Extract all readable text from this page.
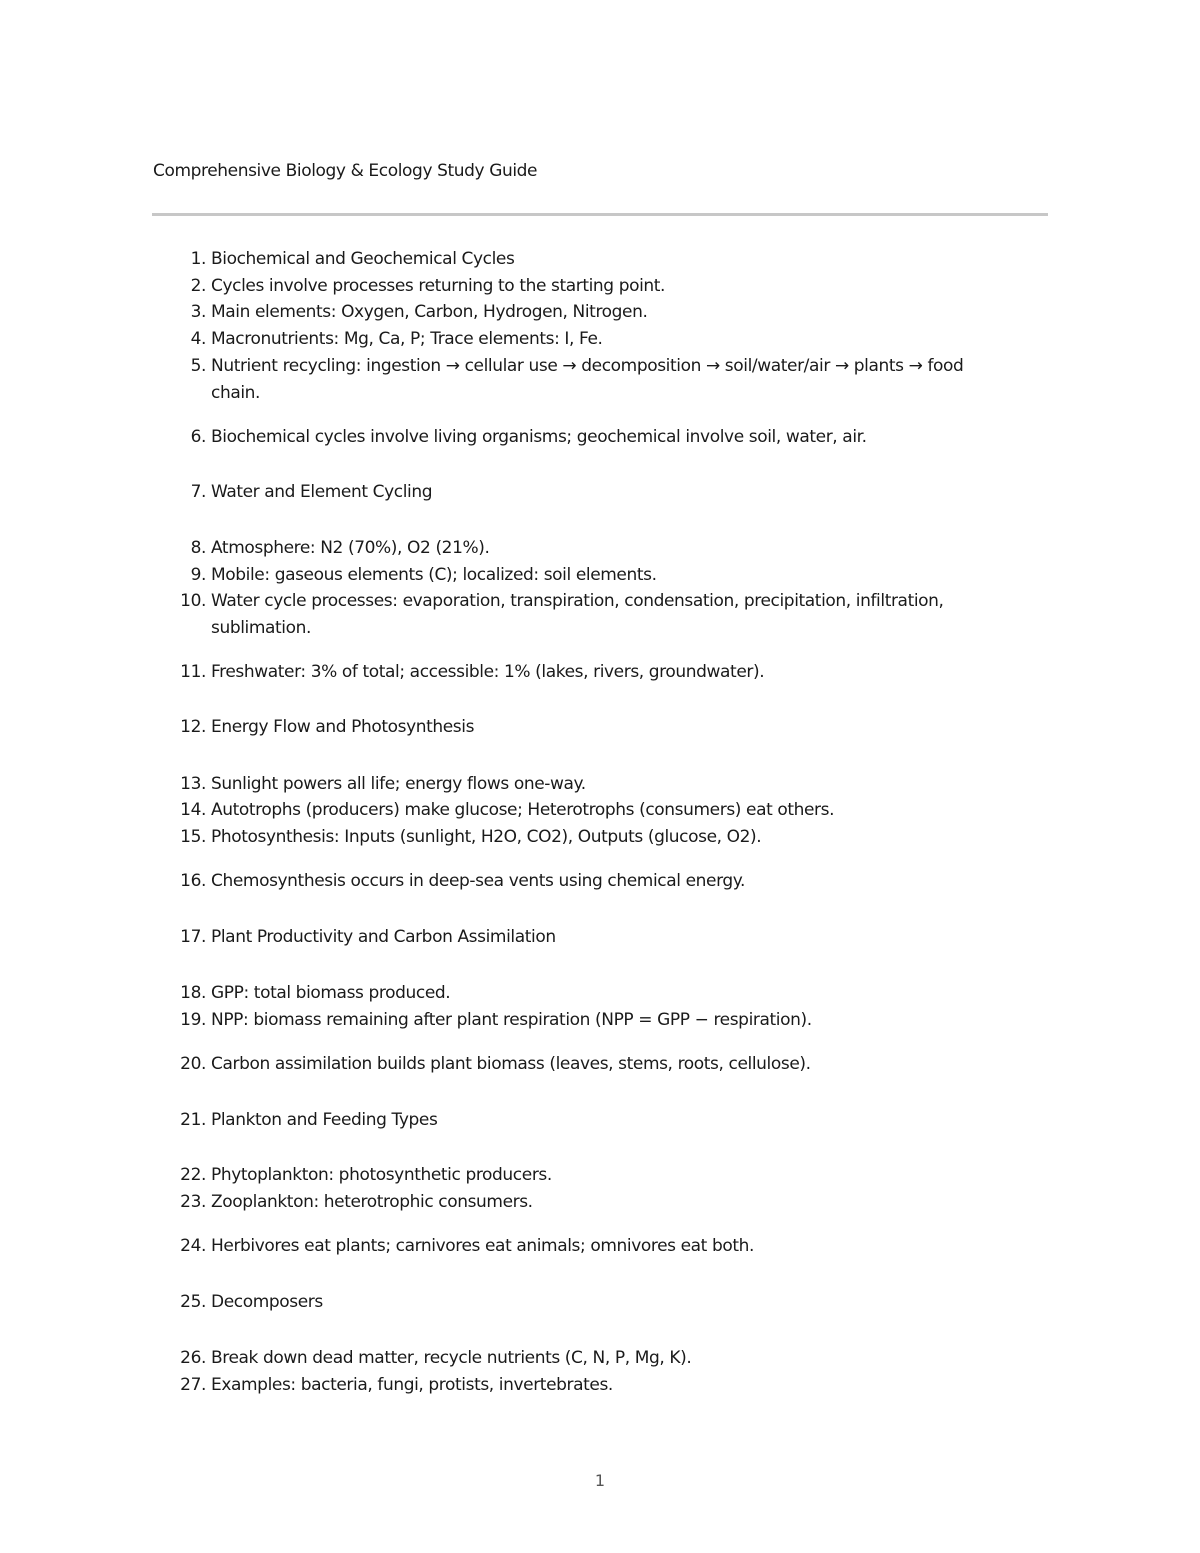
Comprehensive Biology & Ecology Study Guide
1. Biochemical and Geochemical Cycles
2. Cycles involve processes returning to the starting point.
3. Main elements: Oxygen, Carbon, Hydrogen, Nitrogen.
4. Macronutrients: Mg, Ca, P; Trace elements: I, Fe.
5. Nutrient recycling: ingestion → cellular use → decomposition → soil/water/air → plants → food chain.
6. Biochemical cycles involve living organisms; geochemical involve soil, water, air.
7. Water and Element Cycling
8. Atmosphere: N2 (70%), O2 (21%).
9. Mobile: gaseous elements (C); localized: soil elements.
10. Water cycle processes: evaporation, transpiration, condensation, precipitation, infiltration, sublimation.
11. Freshwater: 3% of total; accessible: 1% (lakes, rivers, groundwater).
12. Energy Flow and Photosynthesis
13. Sunlight powers all life; energy flows one-way.
14. Autotrophs (producers) make glucose; Heterotrophs (consumers) eat others.
15. Photosynthesis: Inputs (sunlight, H2O, CO2), Outputs (glucose, O2).
16. Chemosynthesis occurs in deep-sea vents using chemical energy.
17. Plant Productivity and Carbon Assimilation
18. GPP: total biomass produced.
19. NPP: biomass remaining after plant respiration (NPP = GPP − respiration).
20. Carbon assimilation builds plant biomass (leaves, stems, roots, cellulose).
21. Plankton and Feeding Types
22. Phytoplankton: photosynthetic producers.
23. Zooplankton: heterotrophic consumers.
24. Herbivores eat plants; carnivores eat animals; omnivores eat both.
25. Decomposers
26. Break down dead matter, recycle nutrients (C, N, P, Mg, K).
27. Examples: bacteria, fungi, protists, invertebrates.
1
